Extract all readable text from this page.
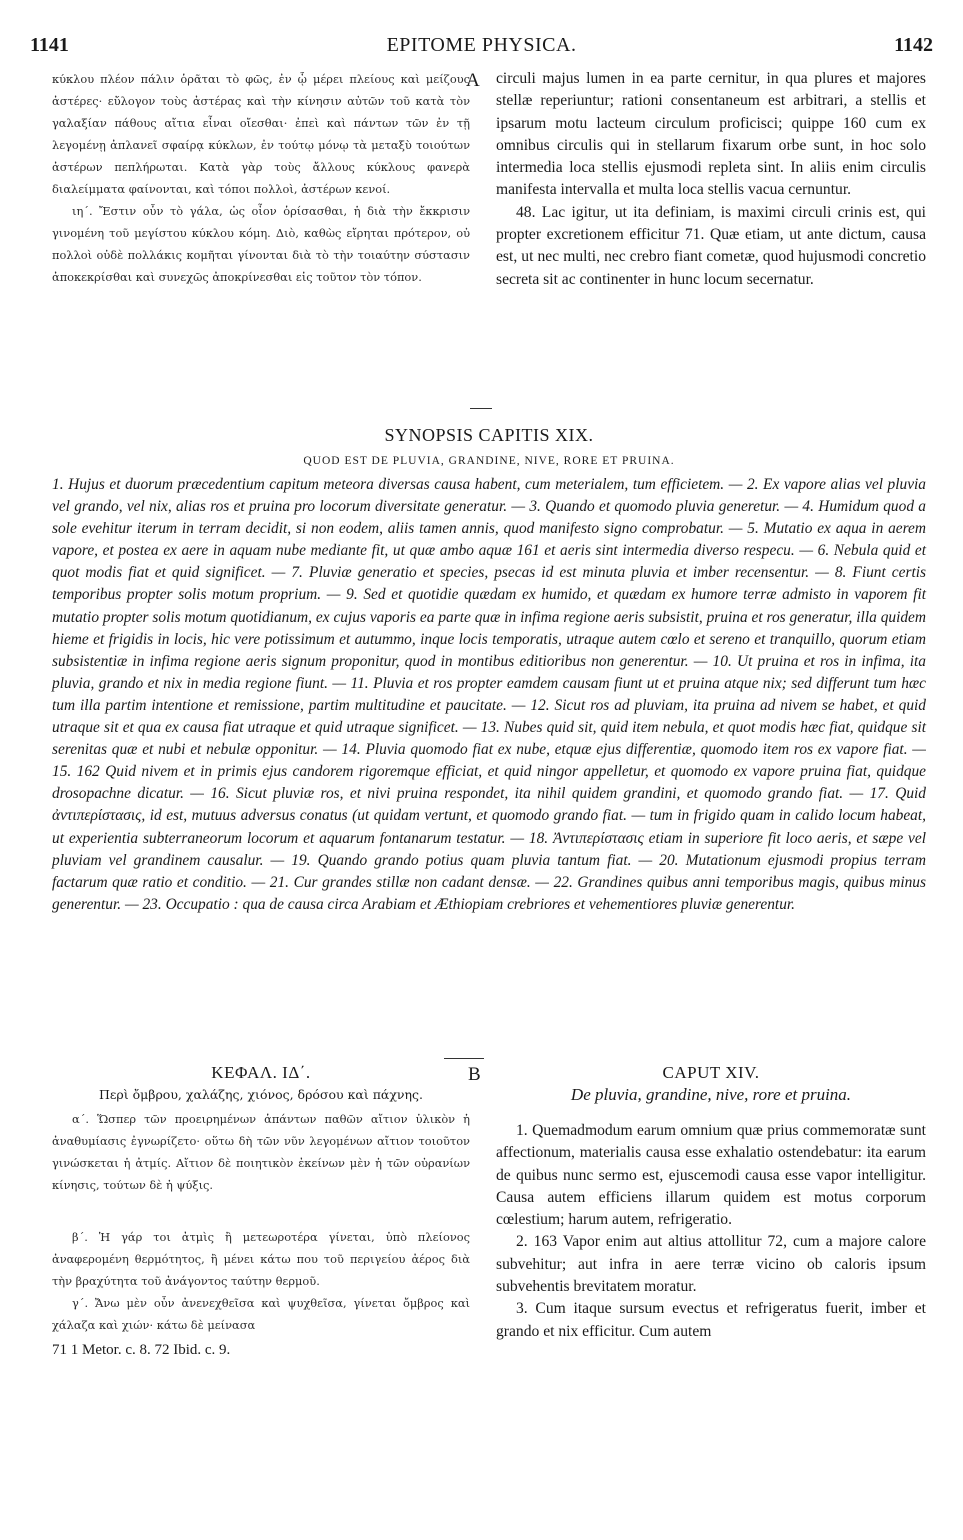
1141	EPITOME PHYSICA.	1142
A

κύκλου πλέον πάλιν ὁρᾶται τὸ φῶς, ἐν ᾧ μέρει πλείους καὶ μείζους ἀστέρες· εὔλογον τοὺς ἀστέρας καὶ τὴν κίνησιν αὐτῶν τοῦ κατὰ τὸν γαλαξίαν πάθους αἴτια εἶναι οἴεσθαι· ἐπεὶ καὶ πάντων τῶν ἐν τῇ λεγομένῃ ἀπλανεῖ σφαίρᾳ κύκλων, ἐν τούτῳ μόνῳ τὰ μεταξὺ τοιούτων ἀστέρων πεπλήρωται. Κατὰ γὰρ τοὺς ἄλλους κύκλους φανερὰ διαλείμματα φαίνονται, καὶ τόποι πολλοὶ, ἀστέρων κενοί.

ιη΄. Ἔστιν οὖν τὸ γάλα, ὡς οἷον ὁρίσασθαι, ἡ διὰ τὴν ἔκκρισιν γινομένη τοῦ μεγίστου κύκλου κόμη. Διὸ, καθὼς εἴρηται πρότερον, οὐ πολλοὶ οὐδὲ πολλάκις κομῆται γίνονται διὰ τὸ τὴν τοιαύτην σύστασιν ἀποκεκρίσθαι καὶ συνεχῶς ἀποκρίνεσθαι εἰς τοῦτον τὸν τόπον.

circuli majus lumen in ea parte cernitur, in qua plures et majores stellæ reperiuntur; rationi consentaneum est arbitrari, a stellis et ipsarum motu lacteum circulum proficisci; quippe 160 cum ex omnibus circulis qui in stellarum fixarum orbe sunt, in hoc solo intermedia loca stellis ejusmodi repleta sint. In aliis enim circulis manifesta intervalla et multa loca stellis vacua cernuntur.

48. Lac igitur, ut ita definiam, is maximi circuli crinis est, qui propter excretionem efficitur 71. Quæ etiam, ut ante dictum, causa est, ut nec multi, nec crebro fiant cometæ, quod hujusmodi concretio secreta sit ac continenter in hunc locum secernatur.

SYNOPSIS CAPITIS XIX.
QUOD EST DE PLUVIA, GRANDINE, NIVE, RORE ET PRUINA.

1. Hujus et duorum præcedentium capitum meteora diversas causa habent, cum meterialem, tum efficietem. — 2. Ex vapore alias vel pluvia vel grando, vel nix, alias ros et pruina pro locorum diversitate generatur. — 3. Quando et quomodo pluvia generetur. — 4. Humidum quod a sole evehitur iterum in terram decidit, si non eodem, aliis tamen annis, quod manifesto signo comprobatur. — 5. Mutatio ex aqua in aerem vapore, et postea ex aere in aquam nube mediante fit, ut quæ ambo aquæ 161 et aeris sint intermedia diverso respecu. — 6. Nebula quid et quot modis fiat et quid significet. — 7. Pluviæ generatio et species, psecas id est minuta pluvia et imber recensentur. — 8. Fiunt certis temporibus propter solis motum proprium. — 9. Sed et quotidie quædam ex humido, et quædam ex humore terræ admisto in vaporem fit mutatio propter solis motum quotidianum, ex cujus vaporis ea parte quæ in infima regione aeris subsistit, pruina et ros generatur, illa quidem hieme et frigidis in locis, hic vere potissimum et autummo, inque locis temporatis, utraque autem cœlo et sereno et tranquillo, quorum etiam subsistentiæ in infima regione aeris signum proponitur, quod in montibus editioribus non generentur. — 10. Ut pruina et ros in infima, ita pluvia, grando et nix in media regione fiunt. — 11. Pluvia et ros propter eamdem causam fiunt ut et pruina atque nix; sed differunt tum hæc tum illa partim intentione et remissione, partim multitudine et paucitate. — 12. Sicut ros ad pluviam, ita pruina ad nivem se habet, et quid utraque sit et qua ex causa fiat utraque et quid utraque significet. — 13. Nubes quid sit, quid item nebula, et quot modis hæc fiat, quidque sit serenitas quæ et nubi et nebulæ opponitur. — 14. Pluvia quomodo fiat ex nube, etquæ ejus differentiæ, quomodo item ros ex vapore fiat. — 15. 162 Quid nivem et in primis ejus candorem rigoremque efficiat, et quid ningor appelletur, et quomodo ex vapore pruina fiat, quidque drosopachne dicatur. — 16. Sicut pluviæ ros, et nivi pruina respondet, ita nihil quidem grandini, et quomodo grando fiat. — 17. Quid ἀντιπερίστασις, id est, mutuus adversus conatus (ut quidam vertunt, et quomodo grando fiat. — tum in frigido quam in calido locum habeat, ut experientia subterraneorum locorum et aquarum fontanarum testatur. — 18. Ἀντιπερίστασις etiam in superiore fit loco aeris, et sæpe vel pluviam vel grandinem causalur. — 19. Quando grando potius quam pluvia tantum fiat. — 20. Mutationum ejusmodi propius terram factarum quæ ratio et conditio. — 21. Cur grandes stillæ non cadant densæ. — 22. Grandines quibus anni temporibus magis, quibus minus generentur. — 23. Occupatio : qua de causa circa Arabiam et Æthiopiam crebriores et vehementiores pluviæ generentur.

B
ΚΕΦΑΛ. ΙΔ΄.
Περὶ ὄμβρου, χαλάζης, χιόνος, δρόσου καὶ πάχνης.

α΄. Ὥσπερ τῶν προειρημένων ἁπάντων παθῶν αἴτιον ὑλικὸν ἡ ἀναθυμίασις ἐγνωρίζετο· οὕτω δὴ τῶν νῦν λεγομένων αἴτιον τοιοῦτον γινώσκεται ἡ ἀτμίς. Αἴτιον δὲ ποιητικὸν ἐκείνων μὲν ἡ τῶν οὐρανίων κίνησις, τούτων δὲ ἡ ψύξις.

β΄. Ἡ γάρ τοι ἀτμὶς ἢ μετεωροτέρα γίνεται, ὑπὸ πλείονος ἀναφερομένη θερμότητος, ἢ μένει κάτω που τοῦ περιγείου ἀέρος διὰ τὴν βραχύτητα τοῦ ἀνάγοντος ταύτην θερμοῦ.

γ΄. Ἄνω μὲν οὖν ἀνενεχθεῖσα καὶ ψυχθεῖσα, γίνεται ὄμβρος καὶ χάλαζα καὶ χιών· κάτω δὲ μείνασα

71 1 Metor. c. 8. 72 Ibid. c. 9.
CAPUT XIV.
De pluvia, grandine, nive, rore et pruina.

1. Quemadmodum earum omnium quæ prius commemoratæ sunt affectionum, materialis causa esse exhalatio ostendebatur: ita earum de quibus nunc sermo est, ejuscemodi causa esse vapor intelligitur. Causa autem efficiens illarum quidem est motus corporum cœlestium; harum autem, refrigeratio.

2. 163 Vapor enim aut altius attollitur 72, cum a majore calore subvehitur; aut infra in aere terræ vicino ob caloris ipsum subvehentis brevitatem moratur.

3. Cum itaque sursum evectus et refrigeratus fuerit, imber et grando et nix efficitur. Cum autem
